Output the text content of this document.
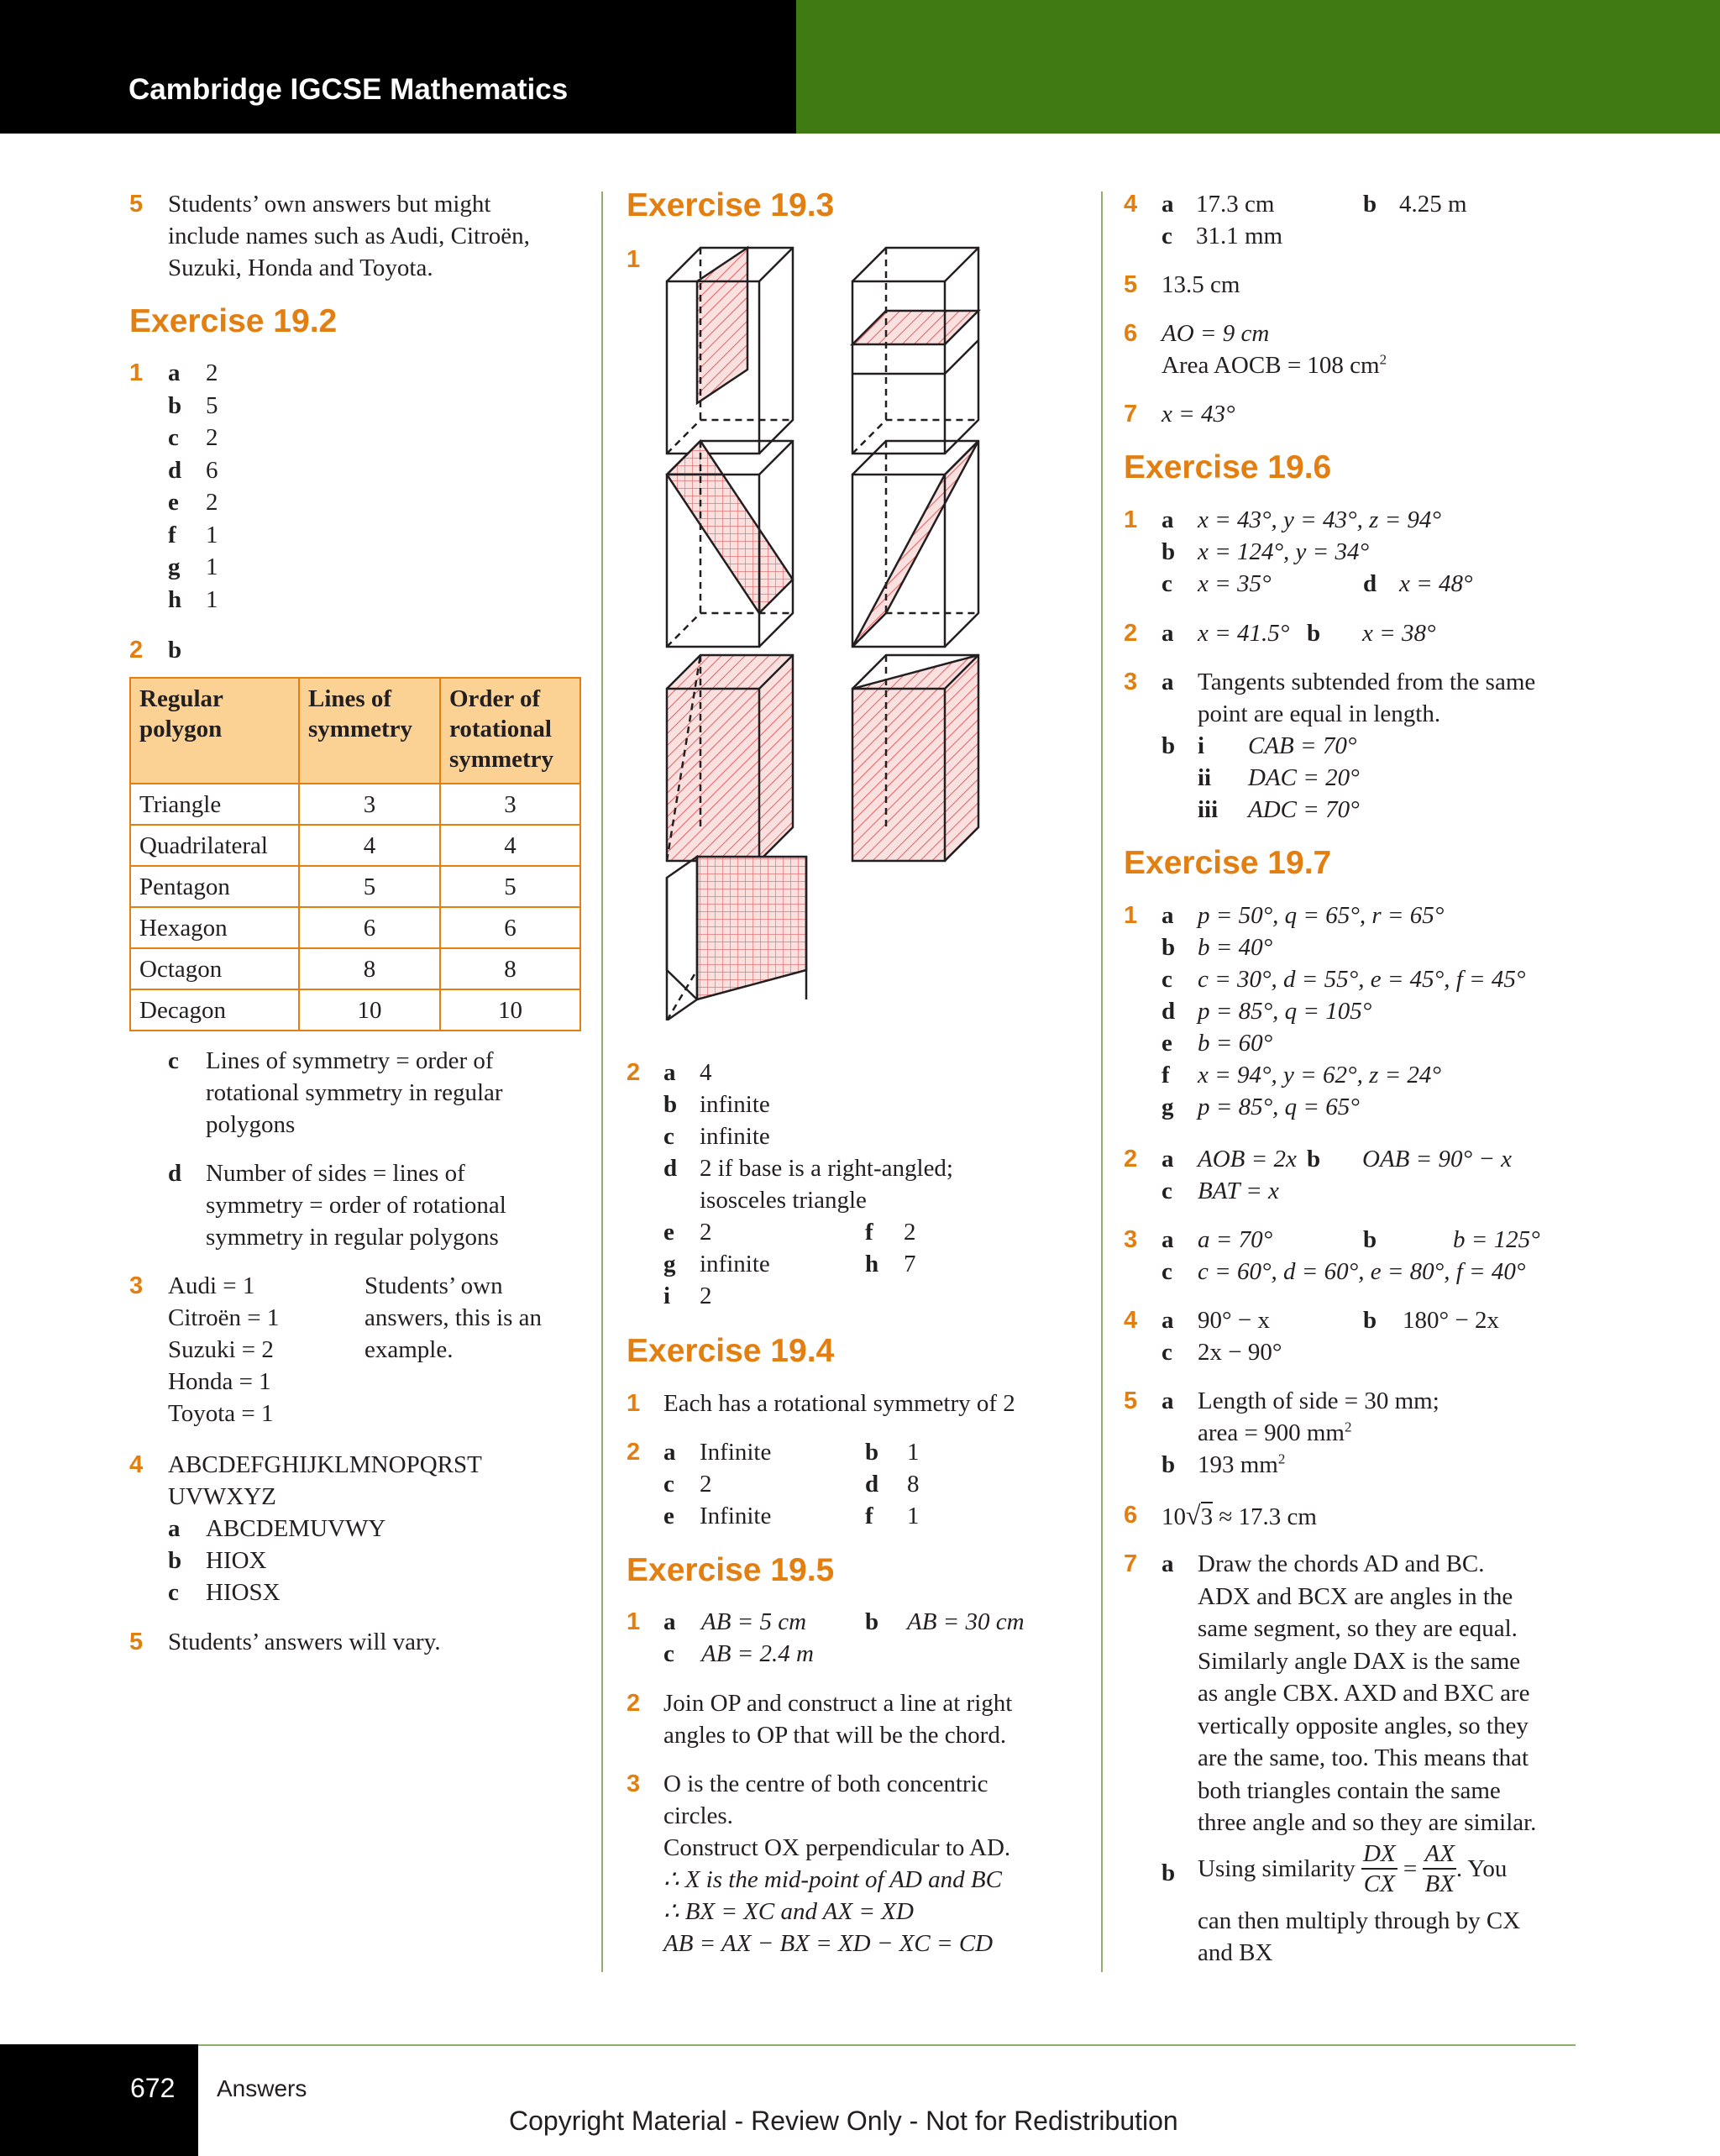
Cambridge IGCSE Mathematics
5 Students’ own answers but might
include names such as Audi, Citroën,
Suzuki, Honda and Toyota.
Exercise 19.2
1 a 2
b 5
c 2
d 6
e 2
f 1
g 1
h 1
2 b
Regular polygon	Lines of symmetry	Order of rotational symmetry
Triangle	3	3
Quadrilateral	4	4
Pentagon	5	5
Hexagon	6	6
Octagon	8	8
Decagon	10	10
c Lines of symmetry = order of
rotational symmetry in regular
polygons
d Number of sides = lines of
symmetry = order of rotational
symmetry in regular polygons
3 Audi = 1
Citroën = 1
Suzuki = 2
Honda = 1
Toyota = 1
Students’ own
answers, this is an
example.
4 ABCDEFGHIJKLMNOPQRST
UVWXYZ
a ABCDEMUVWY
b HIOX
c HIOSX
5 Students’ answers will vary.
Exercise 19.3
1
2 a 4
b infinite
c infinite
d 2 if base is a right-angled;
isosceles triangle
e 2	f 2
g infinite	h 7
i 2
Exercise 19.4
1 Each has a rotational symmetry of 2
2 a Infinite	b 1
c 2	d 8
e Infinite	f 1
Exercise 19.5
1 a AB = 5 cm b AB = 30 cm
c AB = 2.4 m
2 Join OP and construct a line at right
angles to OP that will be the chord.
3 O is the centre of both concentric
circles.
Construct OX perpendicular to AD.
∴ X is the mid-point of AD and BC
∴ BX = XC and AX = XD
AB = AX − BX = XD − XC = CD
4 a 17.3 cm	b 4.25 m
c 31.1 mm
5 13.5 cm
6 AO = 9 cm
Area AOCB = 108 $cm^2$
7 x = 43°
Exercise 19.6
1 a x = 43°, y = 43°, z = 94°
b x = 124°, y = 34°
c x = 35°	d x = 48°
2 a x = 41.5° b x = 38°
3 a Tangents subtended from the same
point are equal in length.
b i CAB = 70°
ii DAC = 20°
iii ADC = 70°
Exercise 19.7
1 a p = 50°, q = 65°, r = 65°
b b = 40°
c c = 30°, d = 55°, e = 45°, f = 45°
d p = 85°, q = 105°
e b = 60°
f x = 94°, y = 62°, z = 24°
g p = 85°, q = 65°
2 a AOB = 2x b OAB = 90° − x
c BAT = x
3 a a = 70°	b	b = 125°
c c = 60°, d = 60°, e = 80°, f = 40°
4 a 90° − x	b 180° − 2x
c 2x − 90°
5 a Length of side = 30 mm;
area = 900 $mm^2$
b 193 $mm^2$
6 10√3 ≈ 17.3 cm
7 a Draw the chords AD and BC.
ADX and BCX are angles in the
same segment, so they are equal.
Similarly angle DAX is the same
as angle CBX. AXD and BXC are
vertically opposite angles, so they
are the same, too. This means that
both triangles contain the same
three angle and so they are similar.
b Using similarity $\frac{DX}{CX} = \frac{AX}{BX}$ . You
can then multiply through by CX
and BX
672 Answers
Copyright Material - Review Only - Not for Redistribution
